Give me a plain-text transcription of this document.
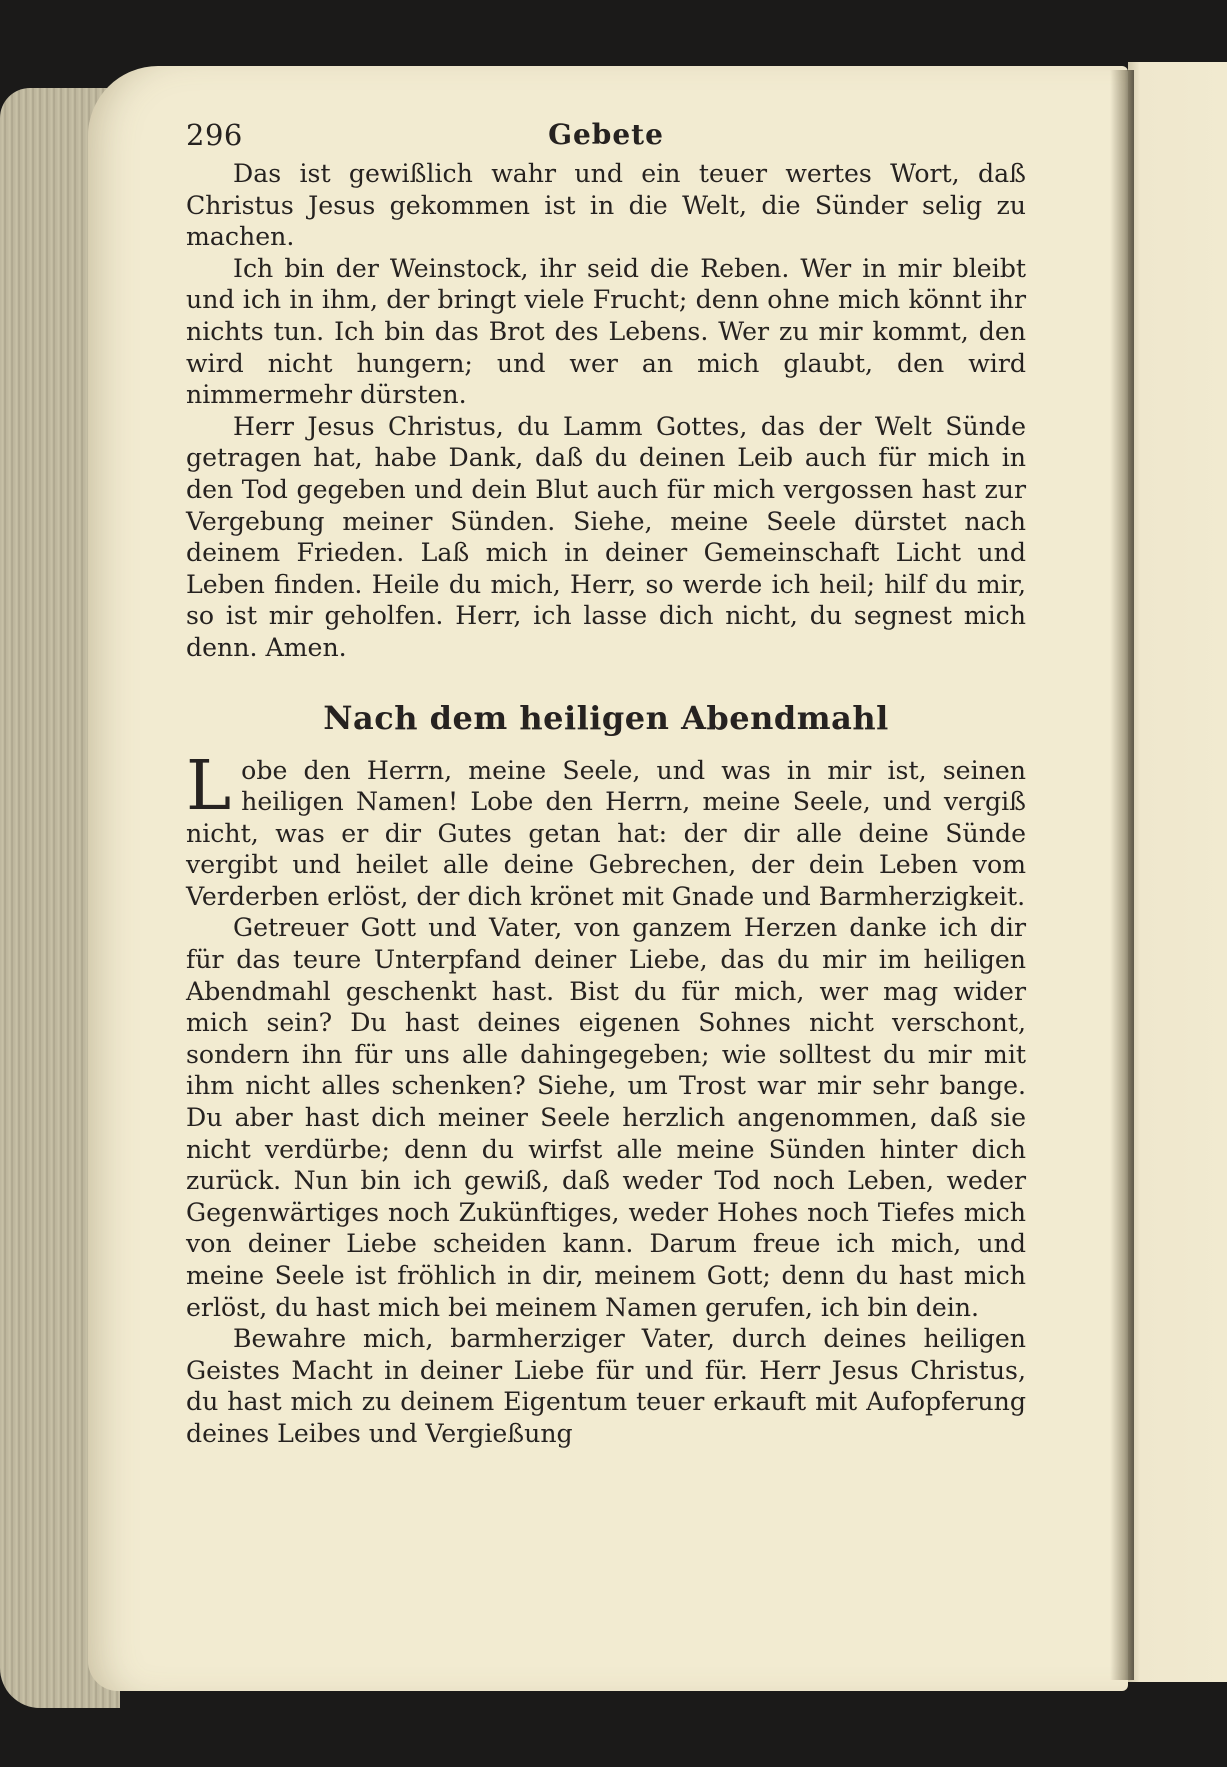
296	Gebete

Das ist gewißlich wahr und ein teuer wertes Wort, daß Christus Jesus gekommen ist in die Welt, die Sünder selig zu machen.

Ich bin der Weinstock, ihr seid die Reben. Wer in mir bleibt und ich in ihm, der bringt viele Frucht; denn ohne mich könnt ihr nichts tun. Ich bin das Brot des Lebens. Wer zu mir kommt, den wird nicht hungern; und wer an mich glaubt, den wird nimmermehr dürsten.

Herr Jesus Christus, du Lamm Gottes, das der Welt Sünde getragen hat, habe Dank, daß du deinen Leib auch für mich in den Tod gegeben und dein Blut auch für mich vergossen hast zur Vergebung meiner Sünden. Siehe, meine Seele dürstet nach deinem Frieden. Laß mich in deiner Gemeinschaft Licht und Leben finden. Heile du mich, Herr, so werde ich heil; hilf du mir, so ist mir geholfen. Herr, ich lasse dich nicht, du segnest mich denn. Amen.

Nach dem heiligen Abendmahl

Lobe den Herrn, meine Seele, und was in mir ist, seinen heiligen Namen! Lobe den Herrn, meine Seele, und vergiß nicht, was er dir Gutes getan hat: der dir alle deine Sünde vergibt und heilet alle deine Gebrechen, der dein Leben vom Verderben erlöst, der dich krönet mit Gnade und Barmherzigkeit.

Getreuer Gott und Vater, von ganzem Herzen danke ich dir für das teure Unterpfand deiner Liebe, das du mir im heiligen Abendmahl geschenkt hast. Bist du für mich, wer mag wider mich sein? Du hast deines eigenen Sohnes nicht verschont, sondern ihn für uns alle dahingegeben; wie solltest du mir mit ihm nicht alles schenken? Siehe, um Trost war mir sehr bange. Du aber hast dich meiner Seele herzlich angenommen, daß sie nicht verdürbe; denn du wirfst alle meine Sünden hinter dich zurück. Nun bin ich gewiß, daß weder Tod noch Leben, weder Gegenwärtiges noch Zukünftiges, weder Hohes noch Tiefes mich von deiner Liebe scheiden kann. Darum freue ich mich, und meine Seele ist fröhlich in dir, meinem Gott; denn du hast mich erlöst, du hast mich bei meinem Namen gerufen, ich bin dein.

Bewahre mich, barmherziger Vater, durch deines heiligen Geistes Macht in deiner Liebe für und für. Herr Jesus Christus, du hast mich zu deinem Eigentum teuer erkauft mit Aufopferung deines Leibes und Vergießung
